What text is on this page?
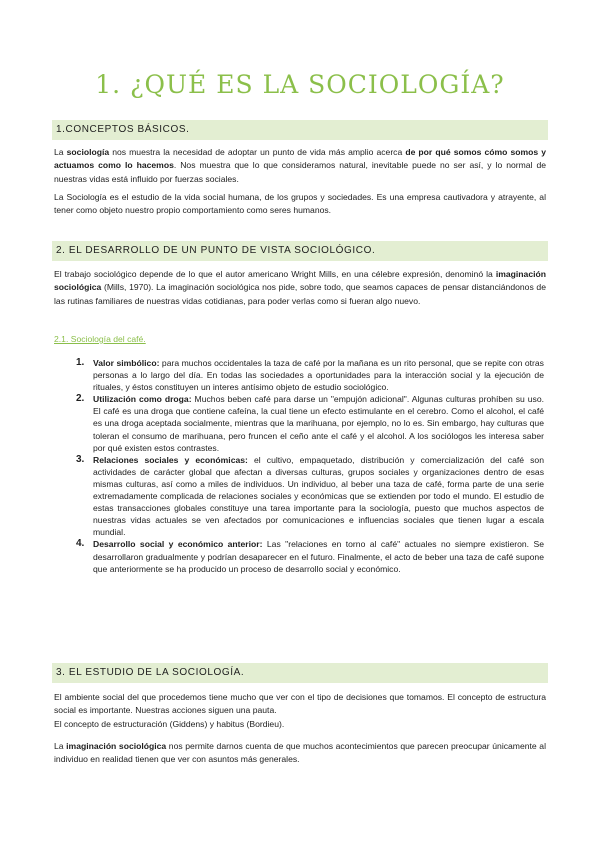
1. ¿QUÉ ES LA SOCIOLOGÍA?
1.CONCEPTOS BÁSICOS.

La sociología nos muestra la necesidad de adoptar un punto de vida más amplio acerca de por qué somos cómo somos y actuamos como lo hacemos. Nos muestra que lo que consideramos natural, inevitable puede no ser así, y lo normal de nuestras vidas está influido por fuerzas sociales.

La Sociología es el estudio de la vida social humana, de los grupos y sociedades. Es una empresa cautivadora y atrayente, al tener como objeto nuestro propio comportamiento como seres humanos.

2. EL DESARROLLO DE UN PUNTO DE VISTA SOCIOLÓGICO.

El trabajo sociológico depende de lo que el autor americano Wright Mills, en una célebre expresión, denominó la imaginación sociológica (Mills, 1970). La imaginación sociológica nos pide, sobre todo, que seamos capaces de pensar distanciándonos de las rutinas familiares de nuestras vidas cotidianas, para poder verlas como si fueran algo nuevo.

2.1. Sociología del café.

1. Valor simbólico: para muchos occidentales la taza de café por la mañana es un rito personal, que se repite con otras personas a lo largo del día. En todas las sociedades a oportunidades para la interacción social y la ejecución de rituales, y éstos constituyen un interes antísimo objeto de estudio sociológico.
2. Utilización como droga: Muchos beben café para darse un "empujón adicional". Algunas culturas prohíben su uso. El café es una droga que contiene cafeína, la cual tiene un efecto estimulante en el cerebro. Como el alcohol, el café es una droga aceptada socialmente, mientras que la marihuana, por ejemplo, no lo es. Sin embargo, hay culturas que toleran el consumo de marihuana, pero fruncen el ceño ante el café y el alcohol. A los sociólogos les interesa saber por qué existen estos contrastes.
3. Relaciones sociales y económicas: el cultivo, empaquetado, distribución y comercialización del café son actividades de carácter global que afectan a diversas culturas, grupos sociales y organizaciones dentro de esas mismas culturas, así como a miles de individuos. Un individuo, al beber una taza de café, forma parte de una serie extremadamente complicada de relaciones sociales y económicas que se extienden por todo el mundo. El estudio de estas transacciones globales constituye una tarea importante para la sociología, puesto que muchos aspectos de nuestras vidas actuales se ven afectados por comunicaciones e influencias sociales que tienen lugar a escala mundial.
4. Desarrollo social y económico anterior: Las "relaciones en torno al café" actuales no siempre existieron. Se desarrollaron gradualmente y podrían desaparecer en el futuro. Finalmente, el acto de beber una taza de café supone que anteriormente se ha producido un proceso de desarrollo social y económico.
3. EL ESTUDIO DE LA SOCIOLOGÍA.

El ambiente social del que procedemos tiene mucho que ver con el tipo de decisiones que tomamos. El concepto de estructura social es importante. Nuestras acciones siguen una pauta.
El concepto de estructuración (Giddens) y habitus (Bordieu).

La imaginación sociológica nos permite darnos cuenta de que muchos acontecimientos que parecen preocupar únicamente al individuo en realidad tienen que ver con asuntos más generales.
